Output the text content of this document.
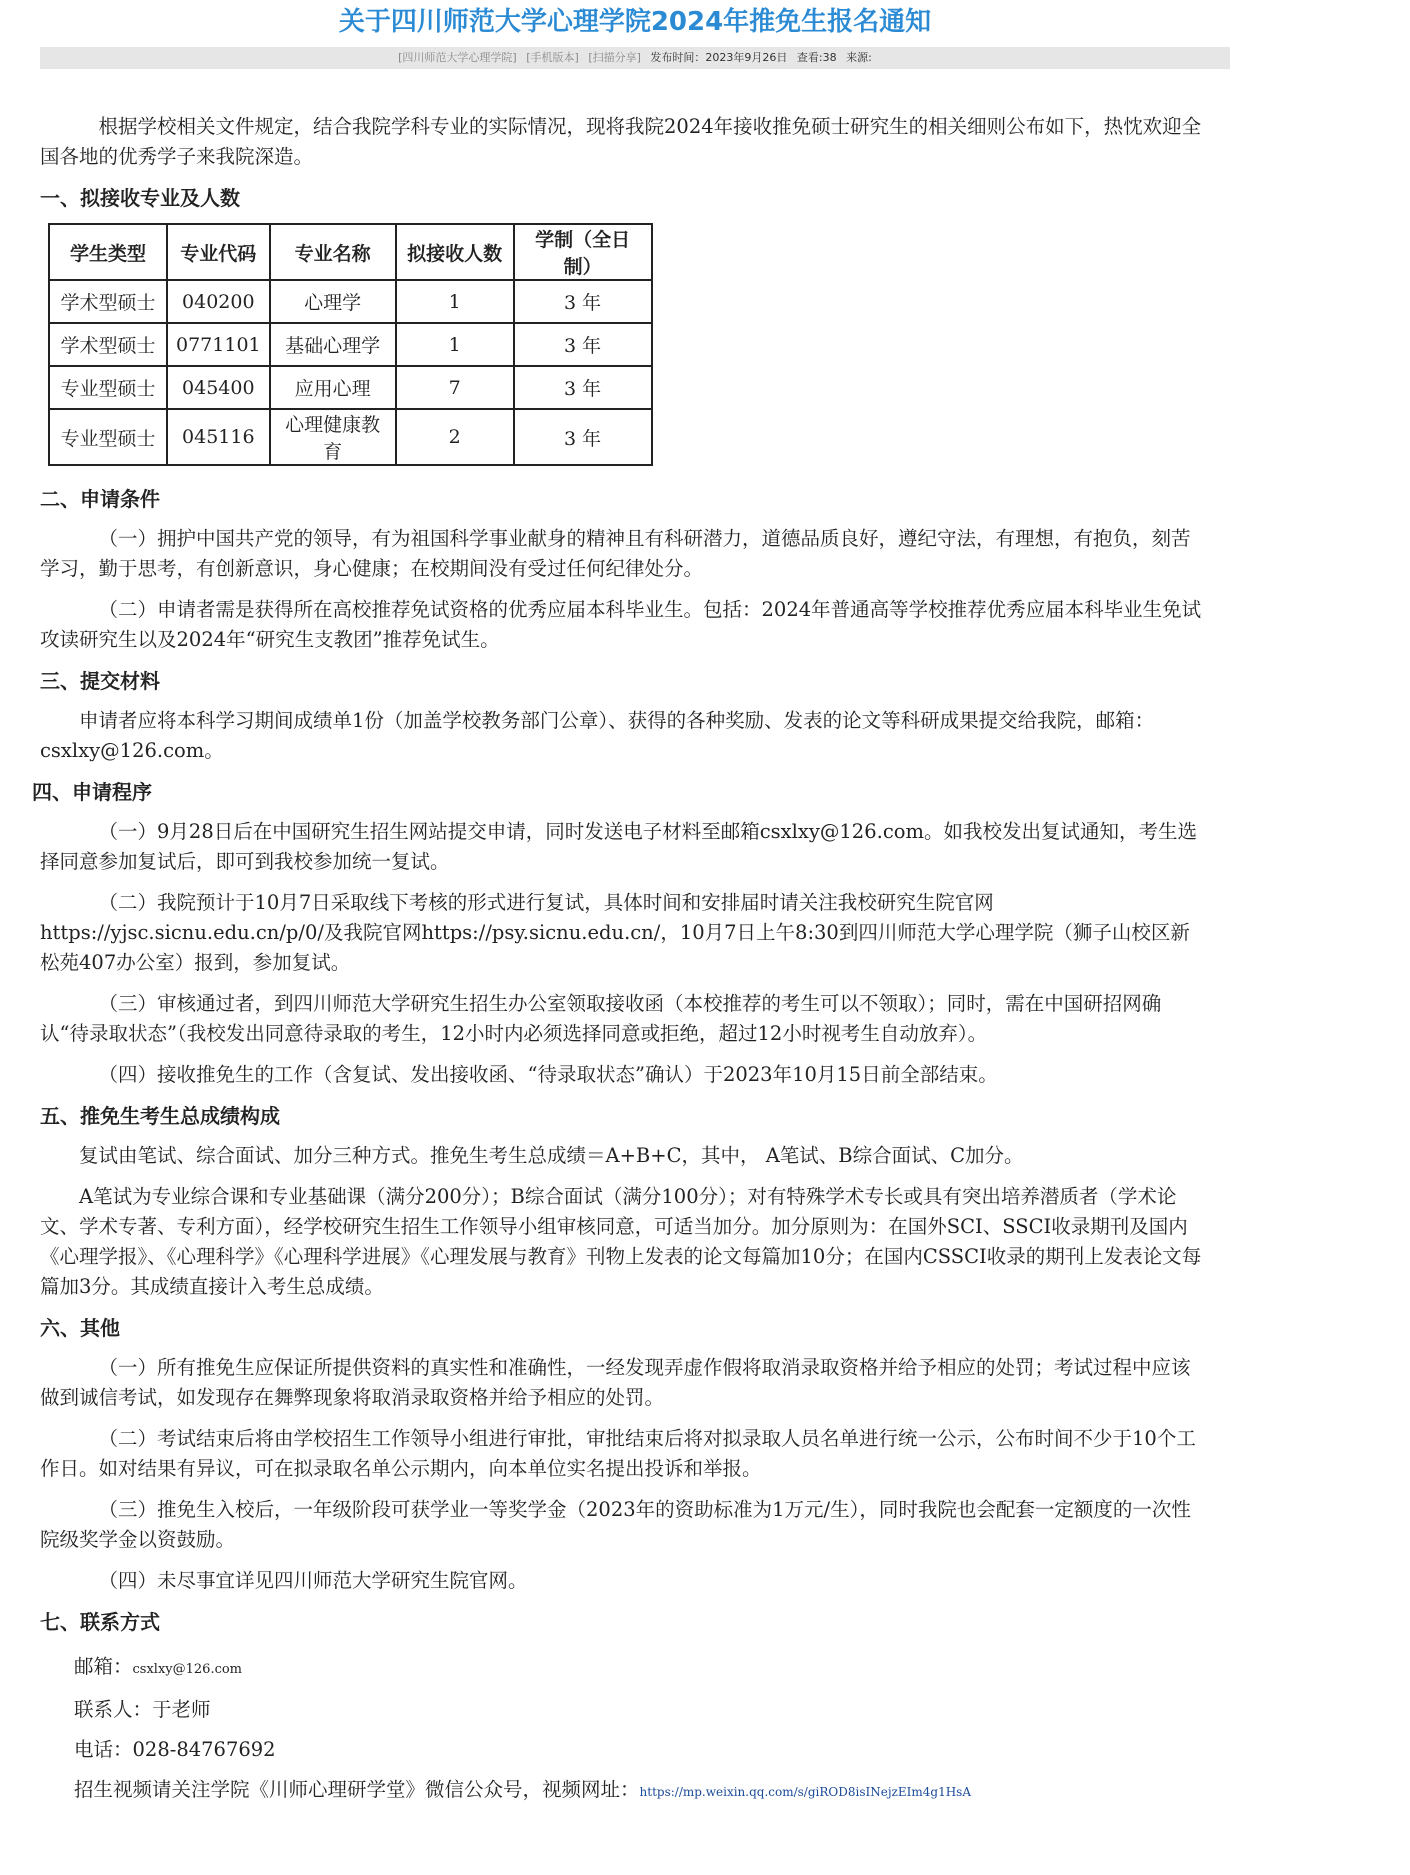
关于四川师范大学心理学院2024年推免生报名通知
[四川师范大学心理学院] [手机版本] [扫描分享] 发布时间：2023年9月26日 查看:38 来源:

根据学校相关文件规定，结合我院学科专业的实际情况，现将我院2024年接收推免硕士研究生的相关细则公布如下，热忱欢迎全国各地的优秀学子来我院深造。

一、拟接收专业及人数
学生类型	专业代码	专业名称	拟接收人数	学制（全日制）
学术型硕士	040200	心理学	1	3 年
学术型硕士	0771101	基础心理学	1	3 年
专业型硕士	045400	应用心理	7	3 年
专业型硕士	045116	心理健康教育	2	3 年
二、申请条件

（一）拥护中国共产党的领导，有为祖国科学事业献身的精神且有科研潜力，道德品质良好，遵纪守法，有理想，有抱负，刻苦学习，勤于思考，有创新意识，身心健康；在校期间没有受过任何纪律处分。

（二）申请者需是获得所在高校推荐免试资格的优秀应届本科毕业生。包括：2024年普通高等学校推荐优秀应届本科毕业生免试攻读研究生以及2024年“研究生支教团”推荐免试生。

三、提交材料

申请者应将本科学习期间成绩单1份（加盖学校教务部门公章）、获得的各种奖励、发表的论文等科研成果提交给我院，邮箱：csxlxy@126.com。

四、申请程序

（一）9月28日后在中国研究生招生网站提交申请，同时发送电子材料至邮箱csxlxy@126.com。如我校发出复试通知，考生选择同意参加复试后，即可到我校参加统一复试。

（二）我院预计于10月7日采取线下考核的形式进行复试，具体时间和安排届时请关注我校研究生院官网https://yjsc.sicnu.edu.cn/p/0/及我院官网https://psy.sicnu.edu.cn/，10月7日上午8:30到四川师范大学心理学院（狮子山校区新松苑407办公室）报到，参加复试。

（三）审核通过者，到四川师范大学研究生招生办公室领取接收函（本校推荐的考生可以不领取）；同时，需在中国研招网确认“待录取状态”（我校发出同意待录取的考生，12小时内必须选择同意或拒绝，超过12小时视考生自动放弃）。

（四）接收推免生的工作（含复试、发出接收函、“待录取状态”确认）于2023年10月15日前全部结束。

五、推免生考生总成绩构成

复试由笔试、综合面试、加分三种方式。推免生考生总成绩＝A+B+C，其中， A笔试、B综合面试、C加分。

A笔试为专业综合课和专业基础课（满分200分）；B综合面试（满分100分）；对有特殊学术专长或具有突出培养潜质者（学术论文、学术专著、专利方面），经学校研究生招生工作领导小组审核同意，可适当加分。加分原则为：在国外SCI、SSCI收录期刊及国内《心理学报》、《心理科学》《心理科学进展》《心理发展与教育》刊物上发表的论文每篇加10分；在国内CSSCI收录的期刊上发表论文每篇加3分。其成绩直接计入考生总成绩。

六、其他

（一）所有推免生应保证所提供资料的真实性和准确性，一经发现弄虚作假将取消录取资格并给予相应的处罚；考试过程中应该做到诚信考试，如发现存在舞弊现象将取消录取资格并给予相应的处罚。

（二）考试结束后将由学校招生工作领导小组进行审批，审批结束后将对拟录取人员名单进行统一公示，公布时间不少于10个工作日。如对结果有异议，可在拟录取名单公示期内，向本单位实名提出投诉和举报。

（三）推免生入校后，一年级阶段可获学业一等奖学金（2023年的资助标准为1万元/生），同时我院也会配套一定额度的一次性院级奖学金以资鼓励。

（四）未尽事宜详见四川师范大学研究生院官网。

七、联系方式
邮箱：csxlxy@126.com
联系人：于老师
电话：028-84767692
招生视频请关注学院《川师心理研学堂》微信公众号，视频网址：https://mp.weixin.qq.com/s/giROD8isINejzEIm4g1HsA
